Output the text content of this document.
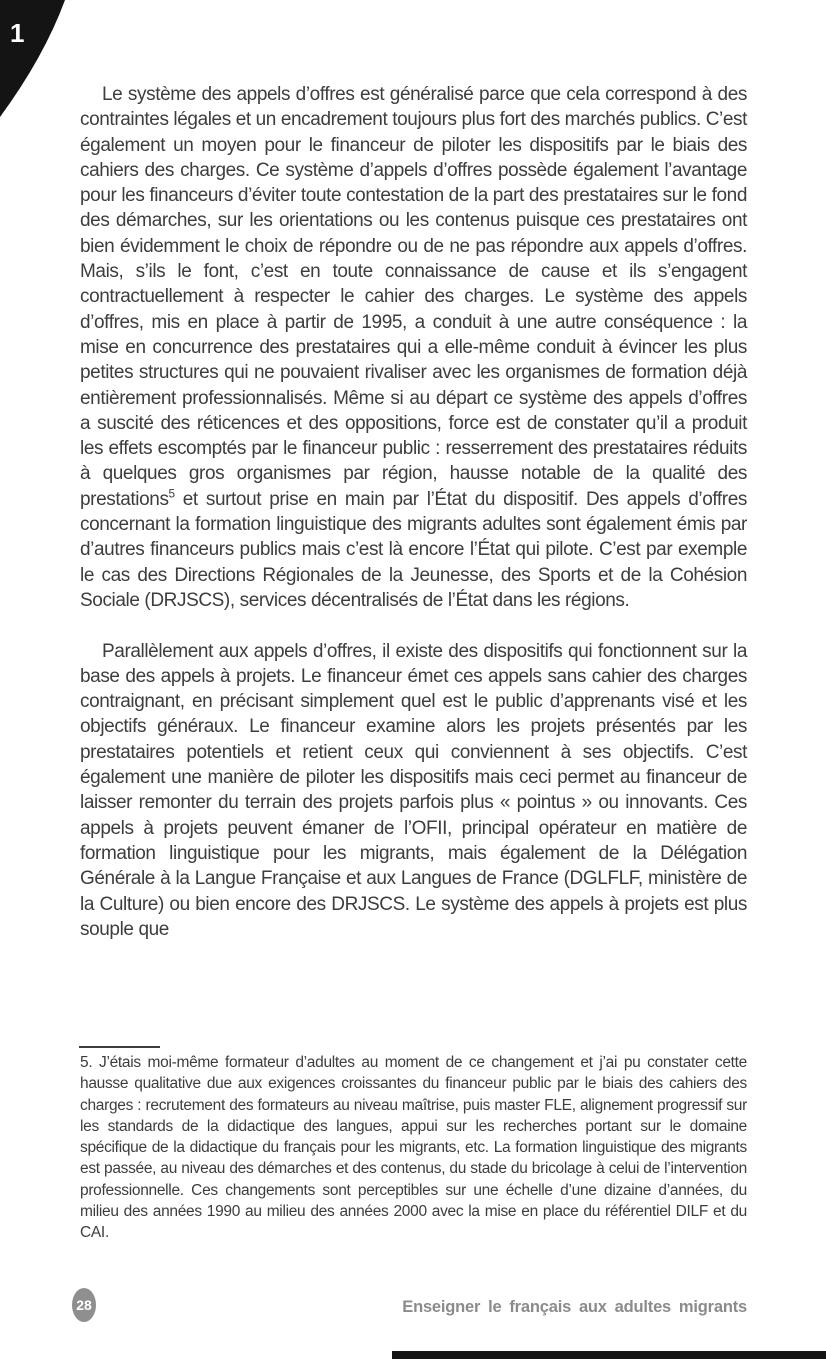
1

Le système des appels d’offres est généralisé parce que cela correspond à des contraintes légales et un encadrement toujours plus fort des marchés publics. C’est également un moyen pour le financeur de piloter les dispositifs par le biais des cahiers des charges. Ce système d’appels d’offres possède également l’avantage pour les financeurs d’éviter toute contestation de la part des prestataires sur le fond des démarches, sur les orientations ou les contenus puisque ces prestataires ont bien évidemment le choix de répondre ou de ne pas répondre aux appels d’offres. Mais, s’ils le font, c’est en toute connaissance de cause et ils s’engagent contractuellement à respecter le cahier des charges. Le système des appels d’offres, mis en place à partir de 1995, a conduit à une autre conséquence : la mise en concurrence des prestataires qui a elle-même conduit à évincer les plus petites structures qui ne pouvaient rivaliser avec les organismes de formation déjà entièrement professionnalisés. Même si au départ ce système des appels d’offres a suscité des réticences et des oppositions, force est de constater qu’il a produit les effets escomptés par le financeur public : resserrement des prestataires réduits à quelques gros organismes par région, hausse notable de la qualité des prestations$^5$ et surtout prise en main par l’État du dispositif. Des appels d’offres concernant la formation linguistique des migrants adultes sont également émis par d’autres financeurs publics mais c’est là encore l’État qui pilote. C’est par exemple le cas des Directions Régionales de la Jeunesse, des Sports et de la Cohésion Sociale (DRJSCS), services décentralisés de l’État dans les régions.

Parallèlement aux appels d’offres, il existe des dispositifs qui fonctionnent sur la base des appels à projets. Le financeur émet ces appels sans cahier des charges contraignant, en précisant simplement quel est le public d’apprenants visé et les objectifs généraux. Le financeur examine alors les projets présentés par les prestataires potentiels et retient ceux qui conviennent à ses objectifs. C’est également une manière de piloter les dispositifs mais ceci permet au financeur de laisser remonter du terrain des projets parfois plus « pointus » ou innovants. Ces appels à projets peuvent émaner de l’OFII, principal opérateur en matière de formation linguistique pour les migrants, mais également de la Délégation Générale à la Langue Française et aux Langues de France (DGLFLF, ministère de la Culture) ou bien encore des DRJSCS. Le système des appels à projets est plus souple que

5. J’étais moi-même formateur d’adultes au moment de ce changement et j’ai pu constater cette hausse qualitative due aux exigences croissantes du financeur public par le biais des cahiers des charges : recrutement des formateurs au niveau maîtrise, puis master FLE, alignement progressif sur les standards de la didactique des langues, appui sur les recherches portant sur le domaine spécifique de la didactique du français pour les migrants, etc. La formation linguistique des migrants est passée, au niveau des démarches et des contenus, du stade du bricolage à celui de l’intervention professionnelle. Ces changements sont perceptibles sur une échelle d’une dizaine d’années, du milieu des années 1990 au milieu des années 2000 avec la mise en place du référentiel DILF et du CAI.

28	Enseigner le français aux adultes migrants
